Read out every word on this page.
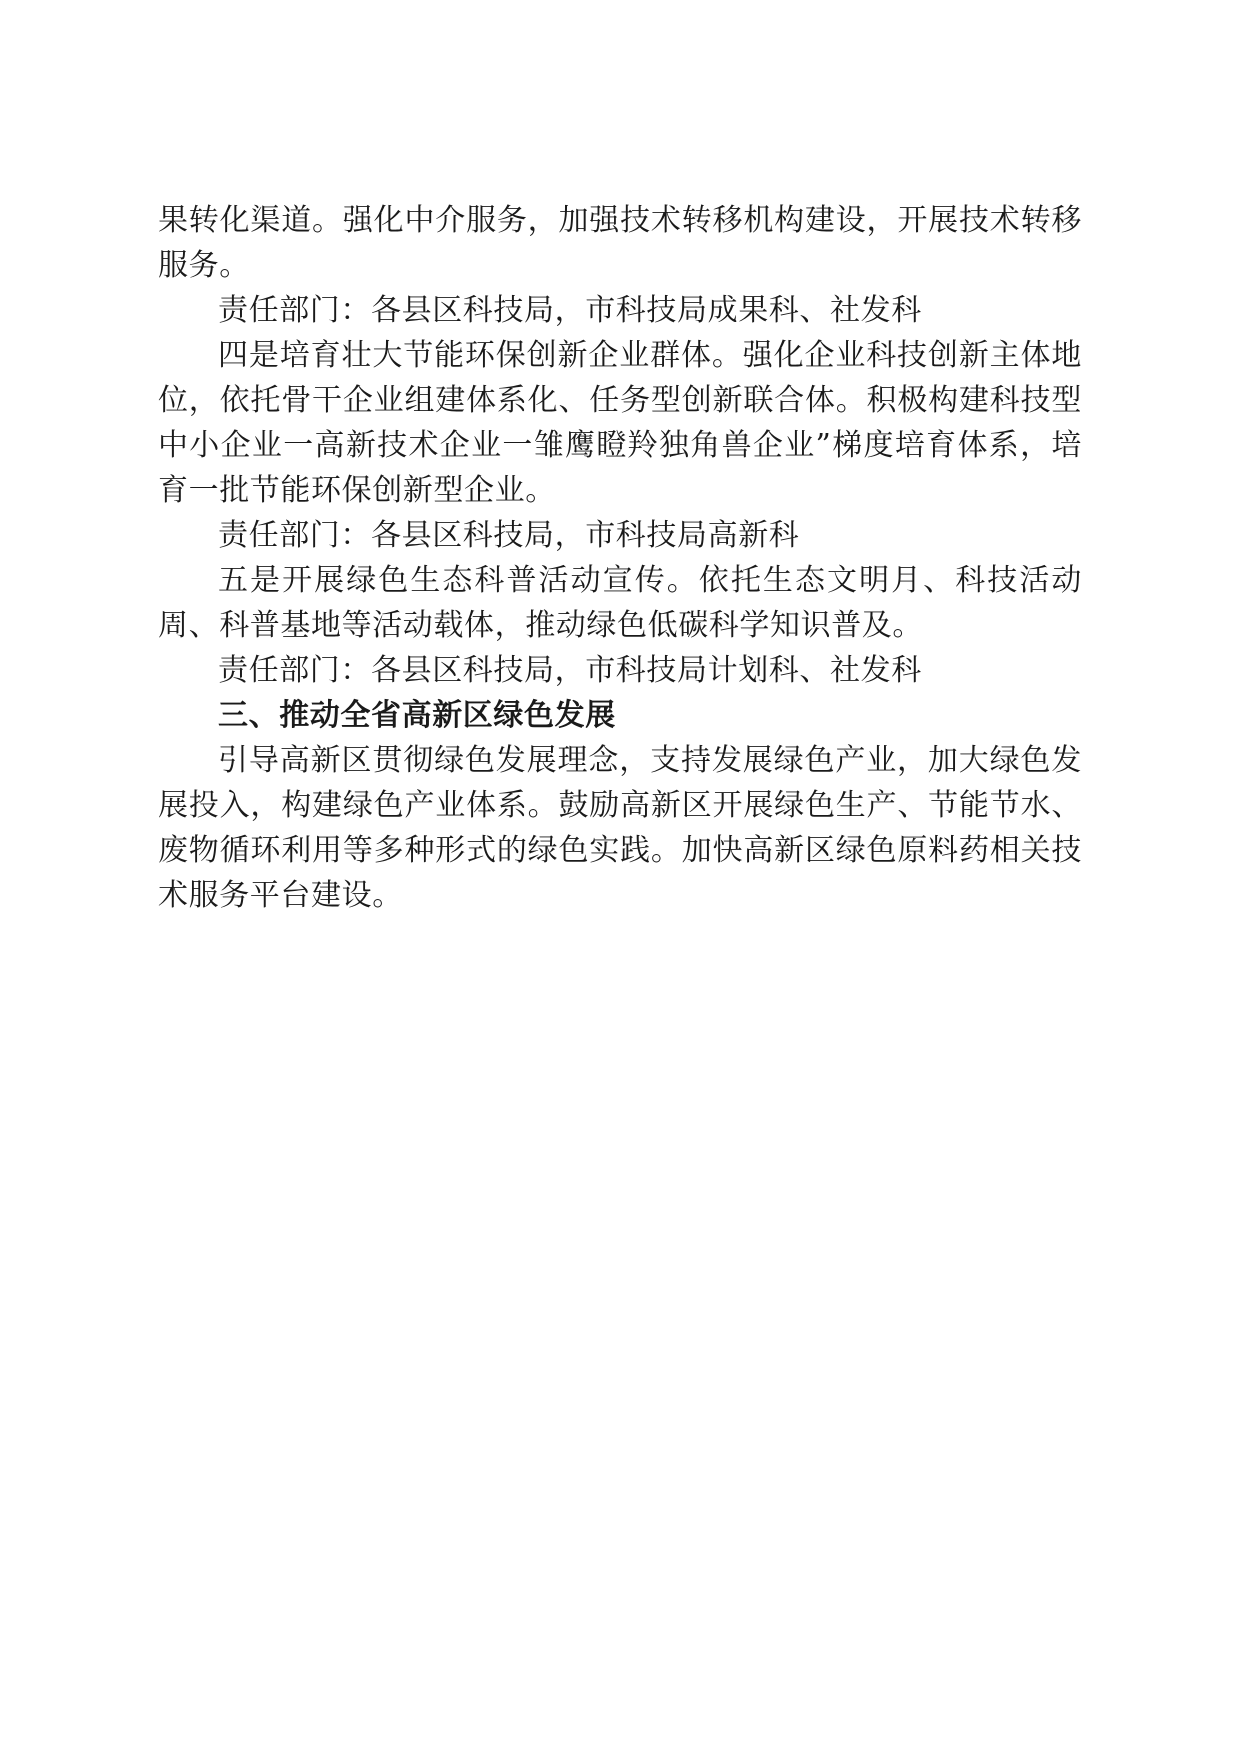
果转化渠道。强化中介服务，加强技术转移机构建设，开展技术转移服务。

责任部门：各县区科技局，市科技局成果科、社发科

四是培育壮大节能环保创新企业群体。强化企业科技创新主体地位，依托骨干企业组建体系化、任务型创新联合体。积极构建科技型中小企业一高新技术企业一雏鹰瞪羚独角兽企业”梯度培育体系，培育一批节能环保创新型企业。

责任部门：各县区科技局，市科技局高新科

五是开展绿色生态科普活动宣传。依托生态文明月、科技活动周、科普基地等活动载体，推动绿色低碳科学知识普及。

责任部门：各县区科技局，市科技局计划科、社发科

三、推动全省高新区绿色发展

引导高新区贯彻绿色发展理念，支持发展绿色产业，加大绿色发展投入，构建绿色产业体系。鼓励高新区开展绿色生产、节能节水、废物循环利用等多种形式的绿色实践。加快高新区绿色原料药相关技术服务平台建设。
